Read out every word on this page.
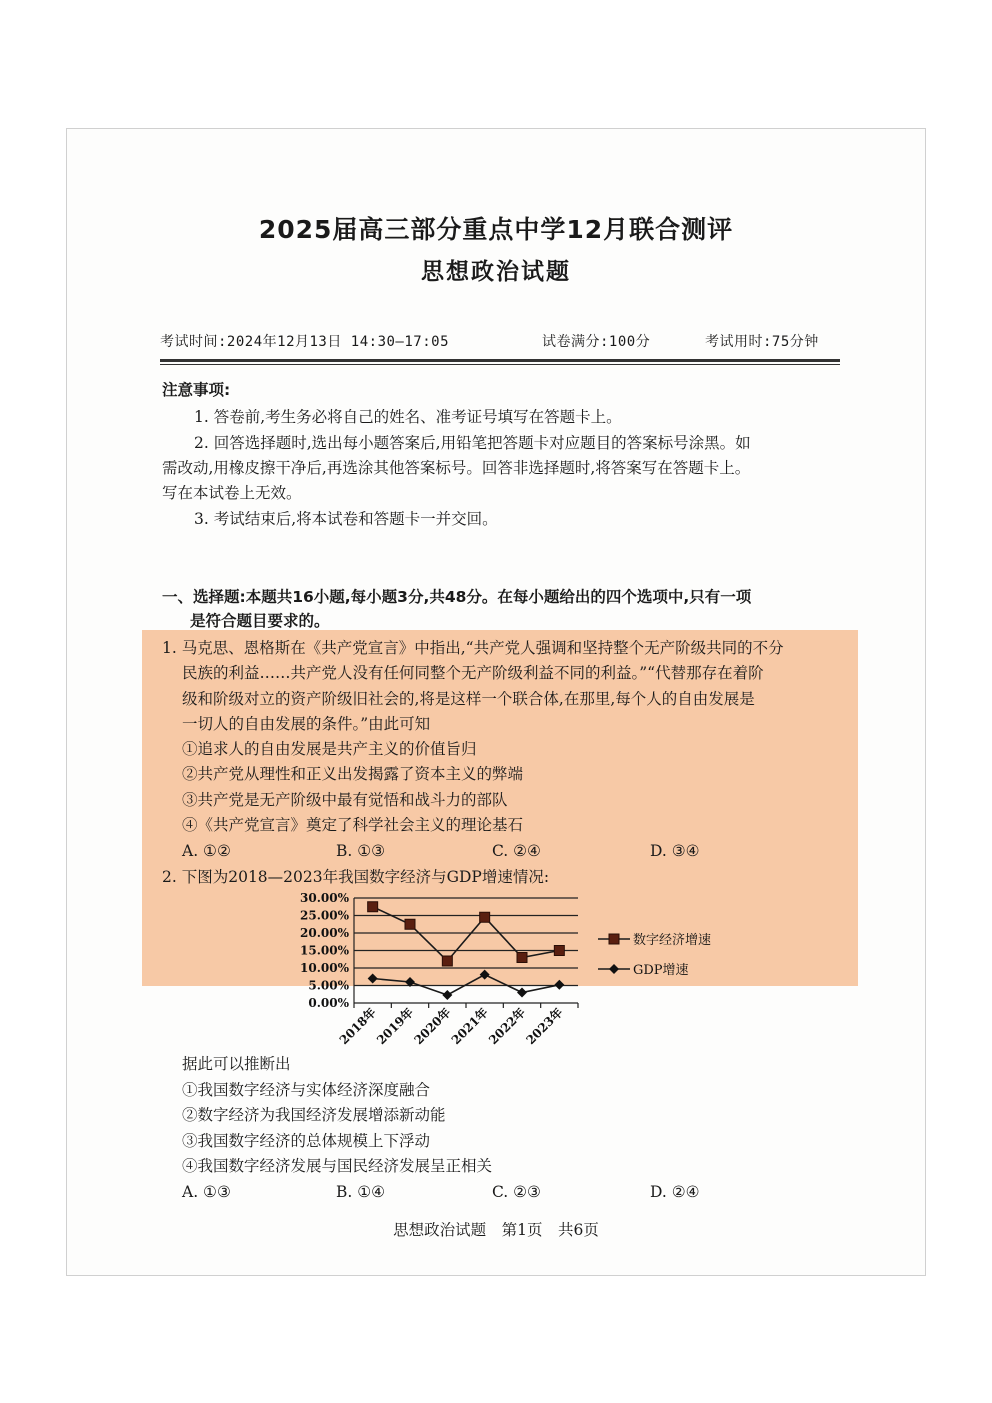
2025届高三部分重点中学12月联合测评
思想政治试题
考试时间:2024年12月13日 14:30—17:05	试卷满分:100分	考试用时:75分钟
注意事项:
1. 答卷前,考生务必将自己的姓名、准考证号填写在答题卡上。
2. 回答选择题时,选出每小题答案后,用铅笔把答题卡对应题目的答案标号涂黑。如
需改动,用橡皮擦干净后,再选涂其他答案标号。回答非选择题时,将答案写在答题卡上。
写在本试卷上无效。
3. 考试结束后,将本试卷和答题卡一并交回。
一、选择题:本题共16小题,每小题3分,共48分。在每小题给出的四个选项中,只有一项
是符合题目要求的。
1. 马克思、恩格斯在《共产党宣言》中指出,“共产党人强调和坚持整个无产阶级共同的不分
民族的利益……共产党人没有任何同整个无产阶级利益不同的利益。”“代替那存在着阶
级和阶级对立的资产阶级旧社会的,将是这样一个联合体,在那里,每个人的自由发展是
一切人的自由发展的条件。”由此可知
①追求人的自由发展是共产主义的价值旨归
②共产党从理性和正义出发揭露了资本主义的弊端
③共产党是无产阶级中最有觉悟和战斗力的部队
④《共产党宣言》奠定了科学社会主义的理论基石
A. ①②	B. ①③	C. ②④	D. ③④
2. 下图为2018—2023年我国数字经济与GDP增速情况:
0.00%
5.00%
10.00%
15.00%
20.00%
25.00%
30.00%
2018年
2019年
2020年
2021年
2022年
2023年
数字经济增速
GDP增速
据此可以推断出
①我国数字经济与实体经济深度融合
②数字经济为我国经济发展增添新动能
③我国数字经济的总体规模上下浮动
④我国数字经济发展与国民经济发展呈正相关
A. ①③	B. ①④	C. ②③	D. ②④
思想政治试题　第1页　共6页
